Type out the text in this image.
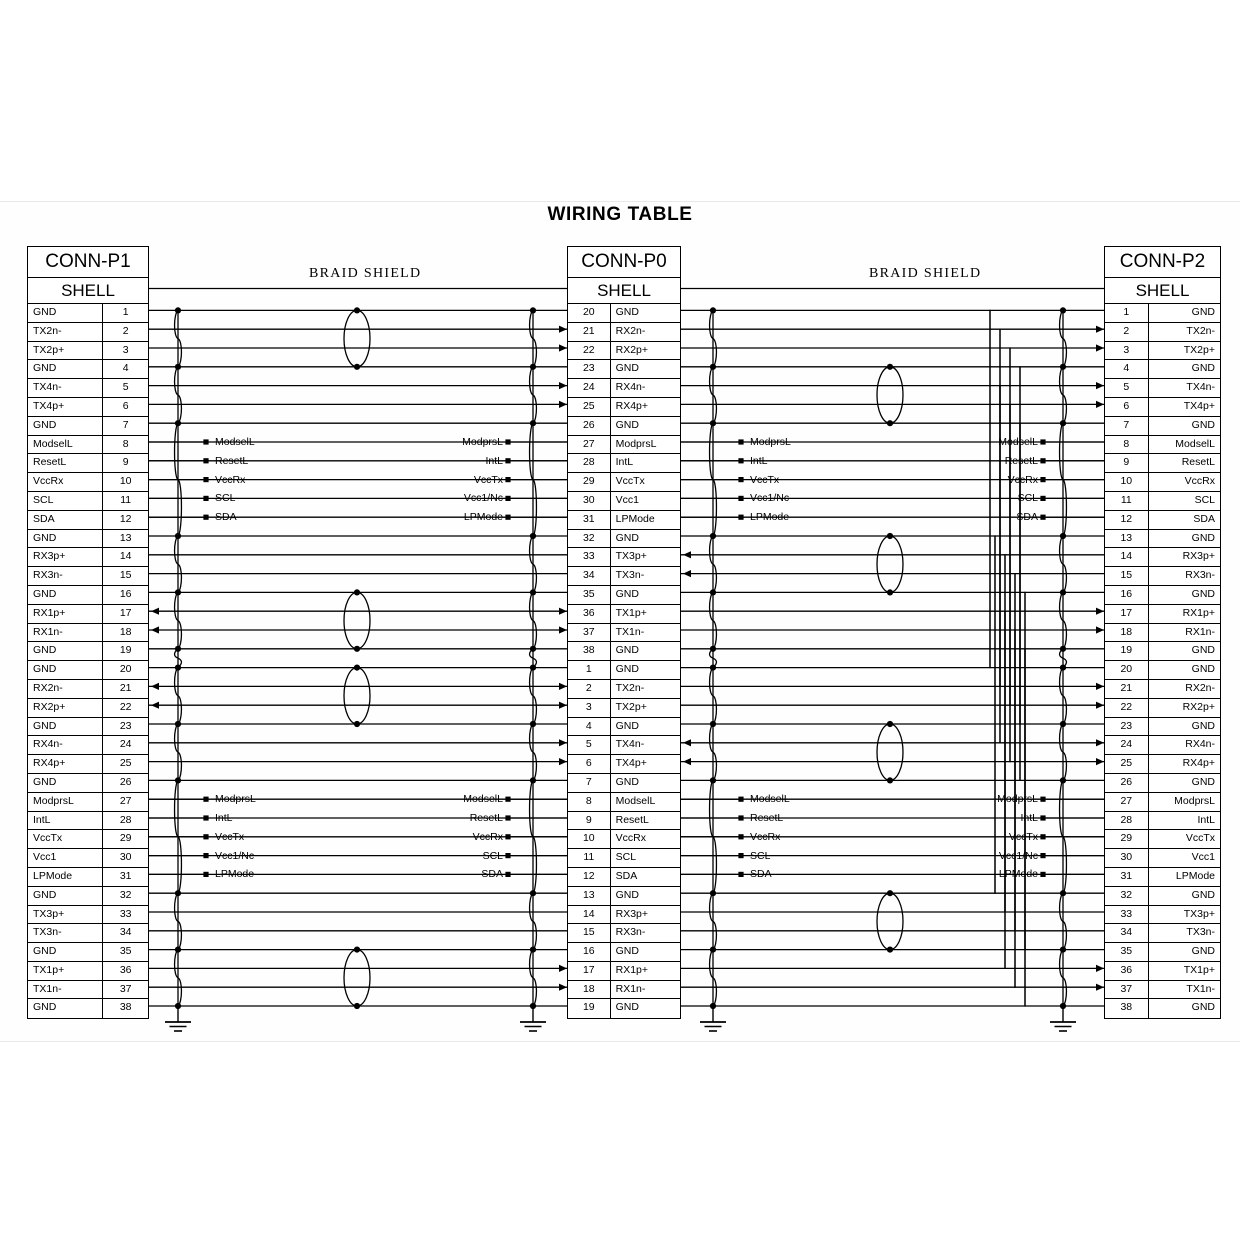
WIRING TABLE
CONN-P1
SHELL
GND	1
TX2n-	2
TX2p+	3
GND	4
TX4n-	5
TX4p+	6
GND	7
ModselL	8
ResetL	9
VccRx	10
SCL	11
SDA	12
GND	13
RX3p+	14
RX3n-	15
GND	16
RX1p+	17
RX1n-	18
GND	19
GND	20
RX2n-	21
RX2p+	22
GND	23
RX4n-	24
RX4p+	25
GND	26
ModprsL	27
IntL	28
VccTx	29
Vcc1	30
LPMode	31
GND	32
TX3p+	33
TX3n-	34
GND	35
TX1p+	36
TX1n-	37
GND	38
CONN-P0
SHELL
20	GND
21	RX2n-
22	RX2p+
23	GND
24	RX4n-
25	RX4p+
26	GND
27	ModprsL
28	IntL
29	VccTx
30	Vcc1
31	LPMode
32	GND
33	TX3p+
34	TX3n-
35	GND
36	TX1p+
37	TX1n-
38	GND
1	GND
2	TX2n-
3	TX2p+
4	GND
5	TX4n-
6	TX4p+
7	GND
8	ModselL
9	ResetL
10	VccRx
11	SCL
12	SDA
13	GND
14	RX3p+
15	RX3n-
16	GND
17	RX1p+
18	RX1n-
19	GND
CONN-P2
SHELL
1	GND
2	TX2n-
3	TX2p+
4	GND
5	TX4n-
6	TX4p+
7	GND
8	ModselL
9	ResetL
10	VccRx
11	SCL
12	SDA
13	GND
14	RX3p+
15	RX3n-
16	GND
17	RX1p+
18	RX1n-
19	GND
20	GND
21	RX2n-
22	RX2p+
23	GND
24	RX4n-
25	RX4p+
26	GND
27	ModprsL
28	IntL
29	VccTx
30	Vcc1
31	LPMode
32	GND
33	TX3p+
34	TX3n-
35	GND
36	TX1p+
37	TX1n-
38	GND
BRAID SHIELD	BRAID SHIELD
ModselL
ResetL
VccRx
SCL
SDA
ModprsL
IntL
VccTx
Vcc1/Nc
LPMode
ModprsL
IntL
VccTx
Vcc1/Nc
LPMode
ModselL
ResetL
VccRx
SCL
SDA
ModprsL
IntL
VccTx
Vcc1/Nc
LPMode
ModselL
ResetL
VccRx
SCL
SDA
ModselL
ResetL
VccRx
SCL
SDA
ModprsL
IntL
VccTx
Vcc1/Nc
LPMode
